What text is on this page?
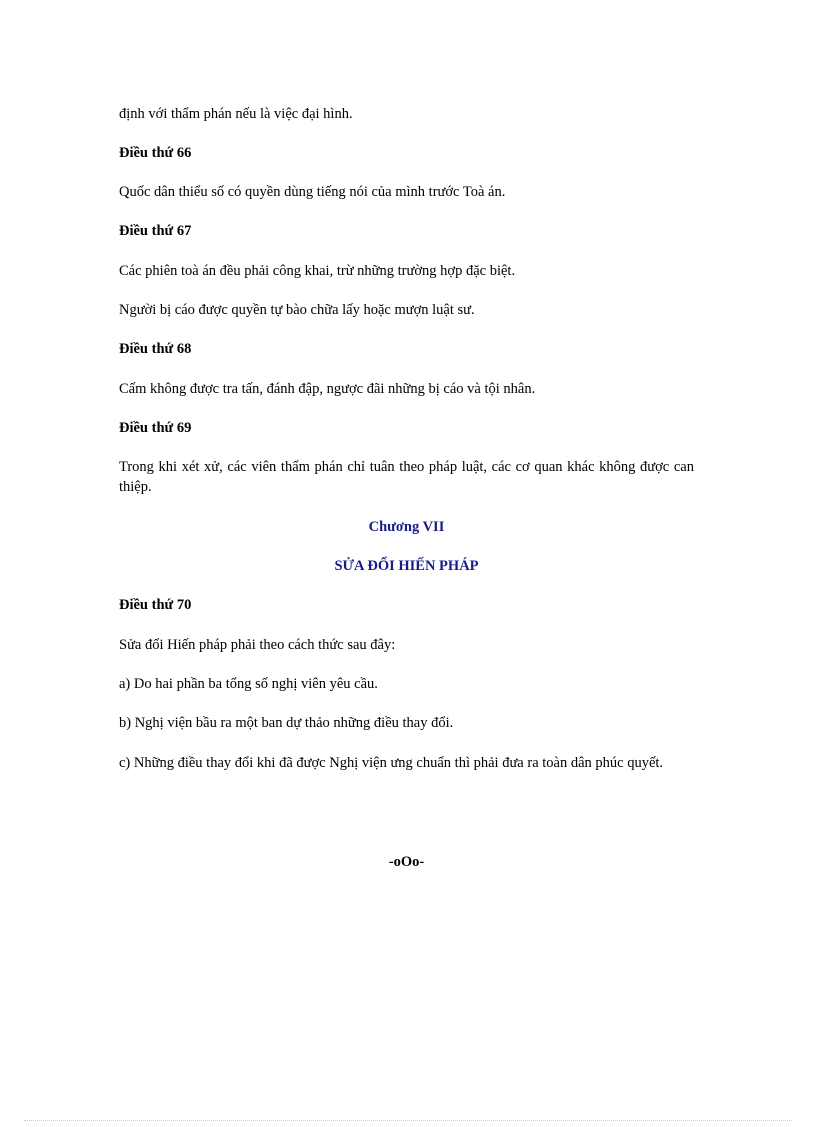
định với thẩm phán nếu là việc đại hình.

Điều thứ 66

Quốc dân thiểu số có quyền dùng tiếng nói của mình trước Toà án.

Điều thứ 67

Các phiên toà án đều phải công khai, trừ những trường hợp đặc biệt.

Người bị cáo được quyền tự bào chữa lấy hoặc mượn luật sư.

Điều thứ 68

Cấm không được tra tấn, đánh đập, ngược đãi những bị cáo và tội nhân.

Điều thứ 69

Trong khi xét xử, các viên thẩm phán chỉ tuân theo pháp luật, các cơ quan khác không được can thiệp.

Chương VII

SỬA ĐỔI HIẾN PHÁP

Điều thứ 70

Sửa đổi Hiến pháp phải theo cách thức sau đây:

a) Do hai phần ba tổng số nghị viên yêu cầu.

b) Nghị viện bầu ra một ban dự thảo những điều thay đổi.

c) Những điều thay đổi khi đã được Nghị viện ưng chuẩn thì phải đưa ra toàn dân phúc quyết.

-oOo-
